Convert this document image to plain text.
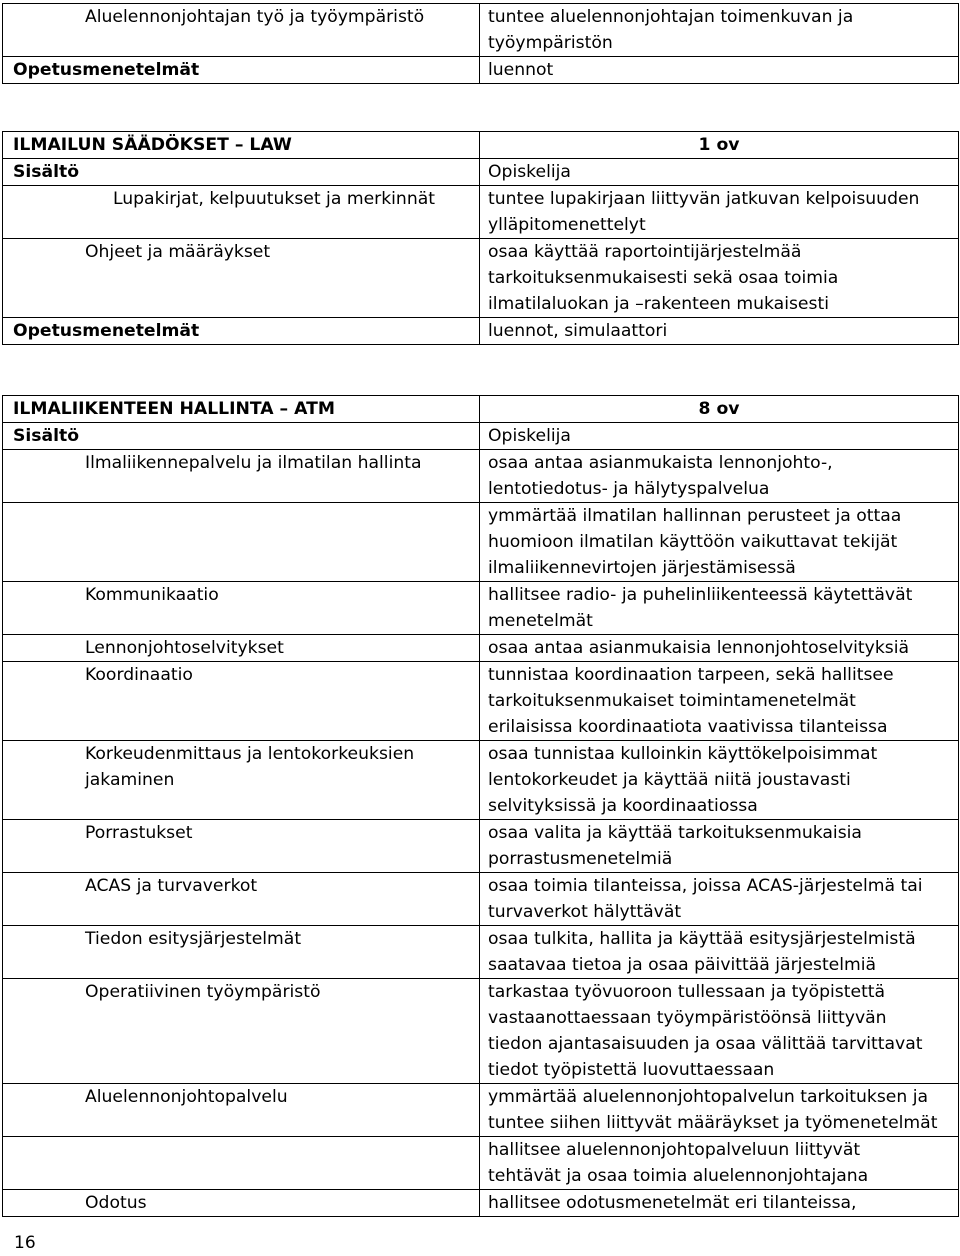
Aluelennonjohtajan työ ja työympäristö	tuntee aluelennonjohtajan toimenkuvan ja
työympäristön

Opetusmenetelmät	luennot
ILMAILUN SÄÄDÖKSET – LAW	1 ov

Sisältö	Opiskelija

Lupakirjat, kelpuutukset ja merkinnät	tuntee lupakirjaan liittyvän jatkuvan kelpoisuuden
ylläpitomenettelyt

Ohjeet ja määräykset	osaa käyttää raportointijärjestelmää
tarkoituksenmukaisesti sekä osaa toimia
ilmatilaluokan ja –rakenteen mukaisesti

Opetusmenetelmät	luennot, simulaattori
ILMALIIKENTEEN HALLINTA – ATM	8 ov

Sisältö	Opiskelija

Ilmaliikennepalvelu ja ilmatilan hallinta	osaa antaa asianmukaista lennonjohto-,
lentotiedotus- ja hälytyspalvelua

	ymmärtää ilmatilan hallinnan perusteet ja ottaa
huomioon ilmatilan käyttöön vaikuttavat tekijät
ilmaliikennevirtojen järjestämisessä

Kommunikaatio	hallitsee radio- ja puhelinliikenteessä käytettävät
menetelmät

Lennonjohtoselvitykset	osaa antaa asianmukaisia lennonjohtoselvityksiä

Koordinaatio	tunnistaa koordinaation tarpeen, sekä hallitsee
tarkoituksenmukaiset toimintamenetelmät
erilaisissa koordinaatiota vaativissa tilanteissa

Korkeudenmittaus ja lentokorkeuksien
jakaminen	osaa tunnistaa kulloinkin käyttökelpoisimmat
lentokorkeudet ja käyttää niitä joustavasti
selvityksissä ja koordinaatiossa

Porrastukset	osaa valita ja käyttää tarkoituksenmukaisia
porrastusmenetelmiä

ACAS ja turvaverkot	osaa toimia tilanteissa, joissa ACAS-järjestelmä tai
turvaverkot hälyttävät

Tiedon esitysjärjestelmät	osaa tulkita, hallita ja käyttää esitysjärjestelmistä
saatavaa tietoa ja osaa päivittää järjestelmiä

Operatiivinen työympäristö	tarkastaa työvuoroon tullessaan ja työpistettä
vastaanottaessaan työympäristöönsä liittyvän
tiedon ajantasaisuuden ja osaa välittää tarvittavat
tiedot työpistettä luovuttaessaan

Aluelennonjohtopalvelu	ymmärtää aluelennonjohtopalvelun tarkoituksen ja
tuntee siihen liittyvät määräykset ja työmenetelmät

	hallitsee aluelennonjohtopalveluun liittyvät
tehtävät ja osaa toimia aluelennonjohtajana

Odotus	hallitsee odotusmenetelmät eri tilanteissa,
16
